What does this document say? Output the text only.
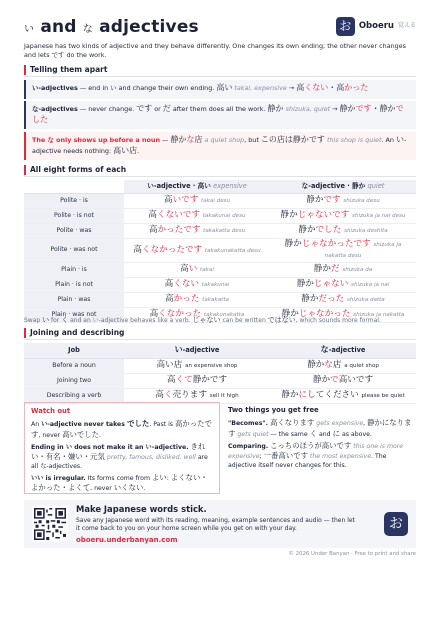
い and な adjectives	お Oboeru 覚える
Japanese has two kinds of adjective and they behave differently. One changes its own ending; the other never changes and lets です do the work.
Telling them apart
い-adjectives — end in い and change their own ending. 高い takai, expensive → 高くない・高かった
な-adjectives — never change. です or だ after them does all the work. 静か shizuka, quiet → 静かです・静かでした
The な only shows up before a noun — 静かな店 a quiet shop, but この店は静かです this shop is quiet. An い-adjective needs nothing: 高い店.
All eight forms of each
	い-adjective · 高い expensive	な-adjective · 静か quiet
Polite · is	高いです takai desu	静かです shizuka desu
Polite · is not	高くないです takakunai desu	静かじゃないです shizuka ja nai desu
Polite · was	高かったです takakatta desu	静かでした shizuka deshita
Polite · was not	高くなかったです takakunakatta desu	静かじゃなかったです shizuka ja nakatta desu
Plain · is	高い takai	静かだ shizuka da
Plain · is not	高くない takakunai	静かじゃない shizuka ja nai
Plain · was	高かった takakatta	静かだった shizuka datta
Plain · was not	高くなかった takakunakatta	静かじゃなかった shizuka ja nakatta
Swap い for く and an い-adjective behaves like a verb. じゃない can be written ではない, which sounds more formal.
Joining and describing
Job	い-adjective	な-adjective
Before a noun	高い店 an expensive shop	静かな店 a quiet shop
Joining two	高くて静かです	静かで高いです
Describing a verb	高く売ります sell it high	静かにしてください please be quiet
Watch out

An い-adjective never takes でした. Past is 高かったです, never 高いでした.

Ending in い does not make it an い-adjective. きれい・有名・嫌い・元気 pretty, famous, disliked, well are all な-adjectives.

いい is irregular. Its forms come from よい: よくない・よかった・よくて, never いくない.

Two things you get free

"Becomes". 高くなります gets expensive, 静かになります gets quiet — the same く and に as above.

Comparing. こっちのほうが高いです this one is more expensive; 一番高いです the most expensive. The adjective itself never changes for this.

Make Japanese words stick.
Save any Japanese word with its reading, meaning, example sentences and audio — then let it come back to you on your home screen while you get on with your day.
oboeru.underbanyan.com
お
© 2026 Under Banyan · Free to print and share
